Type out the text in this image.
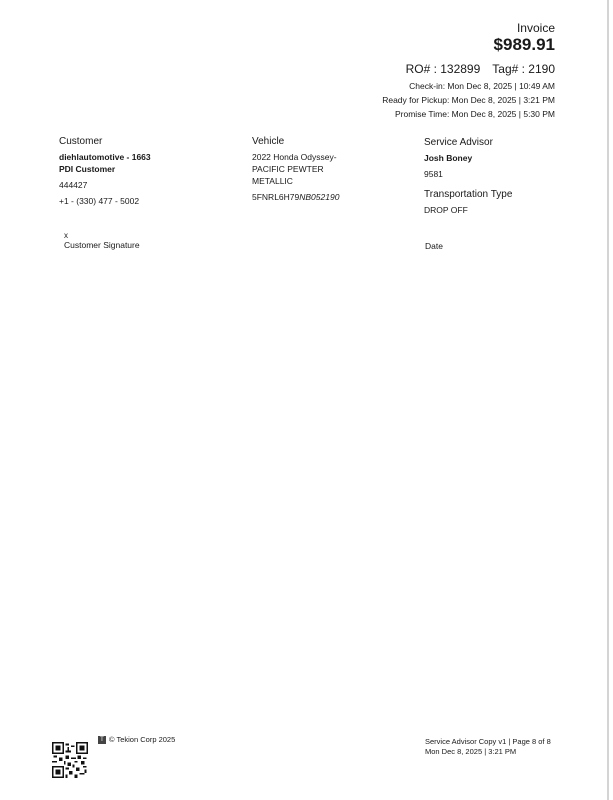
Invoice
$989.91
RO# : 132899 Tag# : 2190
Check-in: Mon Dec 8, 2025 | 10:49 AM
Ready for Pickup: Mon Dec 8, 2025 | 3:21 PM
Promise Time: Mon Dec 8, 2025 | 5:30 PM
Customer
diehlautomotive - 1663
PDI Customer
444427
+1 - (330) 477 - 5002
Vehicle
2022 Honda Odyssey-
PACIFIC PEWTER
METALLIC
5FNRL6H79NB052190
Service Advisor
Josh Boney
9581
Transportation Type
DROP OFF
x
Customer Signature	Date
T © Tekion Corp 2025	Service Advisor Copy v1 | Page 8 of 8
Mon Dec 8, 2025 | 3:21 PM
